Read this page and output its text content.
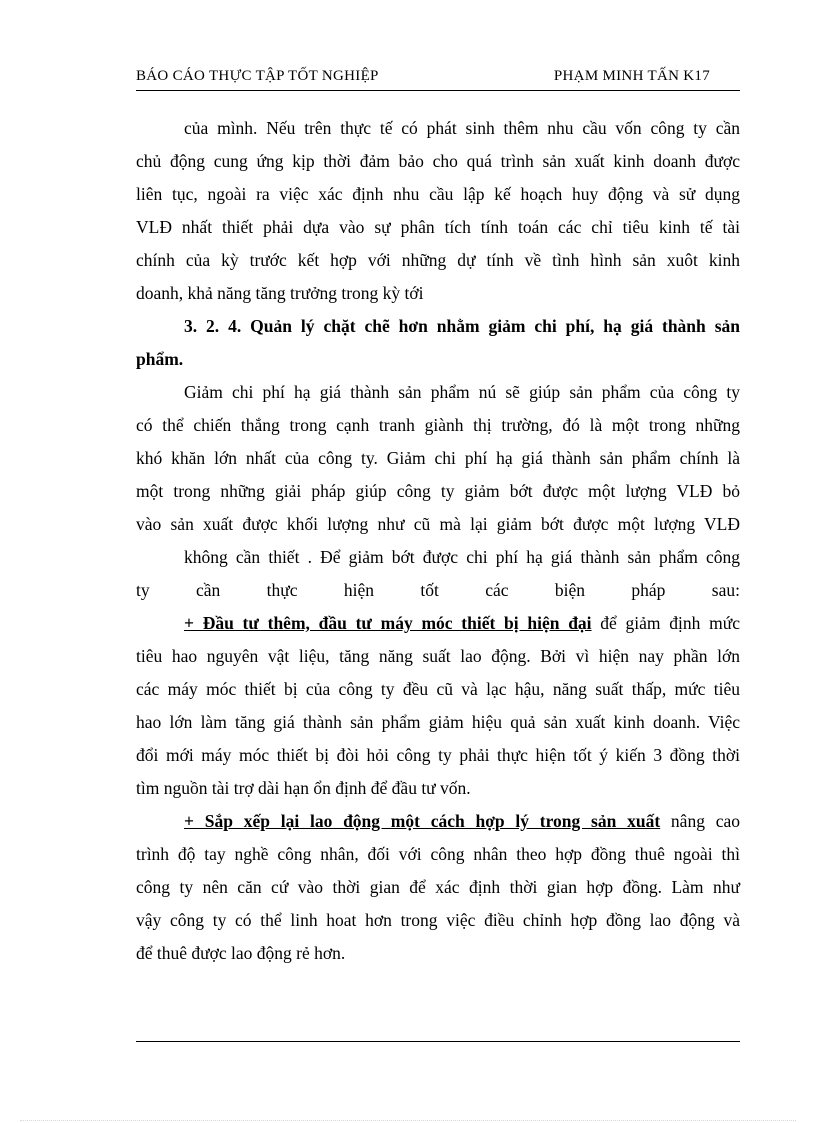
BÁO CÁO THỰC TẬP TỐT NGHIỆP	PHẠM MINH TẤN K17
của mình. Nếu trên thực tế có phát sinh thêm nhu cầu vốn công ty cần
chủ động cung ứng kịp thời đảm bảo cho quá trình sản xuất kinh doanh được
liên tục, ngoài ra việc xác định nhu cầu lập kế hoạch huy động và sử dụng
VLĐ nhất thiết phải dựa vào sự phân tích tính toán các chỉ tiêu kinh tế tài
chính của kỳ trước kết hợp với những dự tính về tình hình sản xuôt kinh
doanh, khả năng tăng trưởng trong kỳ tới
3. 2. 4. Quản lý chặt chẽ hơn nhằm giảm chi phí, hạ giá thành sản
phẩm.
Giảm chi phí hạ giá thành sản phẩm nú sẽ giúp sản phẩm của công ty
có thể chiến thắng trong cạnh tranh giành thị trường, đó là một trong những
khó khăn lớn nhất của công ty. Giảm chi phí hạ giá thành sản phẩm chính là
một trong những giải pháp giúp công ty giảm bớt được một lượng VLĐ bỏ
vào sản xuất được khối lượng như cũ mà lại giảm bớt được một lượng VLĐ
không cần thiết . Để giảm bớt được chi phí hạ giá thành sản phẩm công
ty cần thực hiện tốt các biện pháp sau:
+ Đầu tư thêm, đầu tư máy móc thiết bị hiện đại để giảm định mức
tiêu hao nguyên vật liệu, tăng năng suất lao động. Bởi vì hiện nay phần lớn
các máy móc thiết bị của công ty đều cũ và lạc hậu, năng suất thấp, mức tiêu
hao lớn làm tăng giá thành sản phẩm giảm hiệu quả sản xuất kinh doanh. Việc
đổi mới máy móc thiết bị đòi hỏi công ty phải thực hiện tốt ý kiến 3 đồng thời
tìm nguồn tài trợ dài hạn ổn định để đầu tư vốn.
+ Sắp xếp lại lao động một cách hợp lý trong sản xuất nâng cao
trình độ tay nghề công nhân, đối với công nhân theo hợp đồng thuê ngoài thì
công ty nên căn cứ vào thời gian để xác định thời gian hợp đồng. Làm như
vậy công ty có thể linh hoat hơn trong việc điều chỉnh hợp đồng lao động và
để thuê được lao động rẻ hơn.
